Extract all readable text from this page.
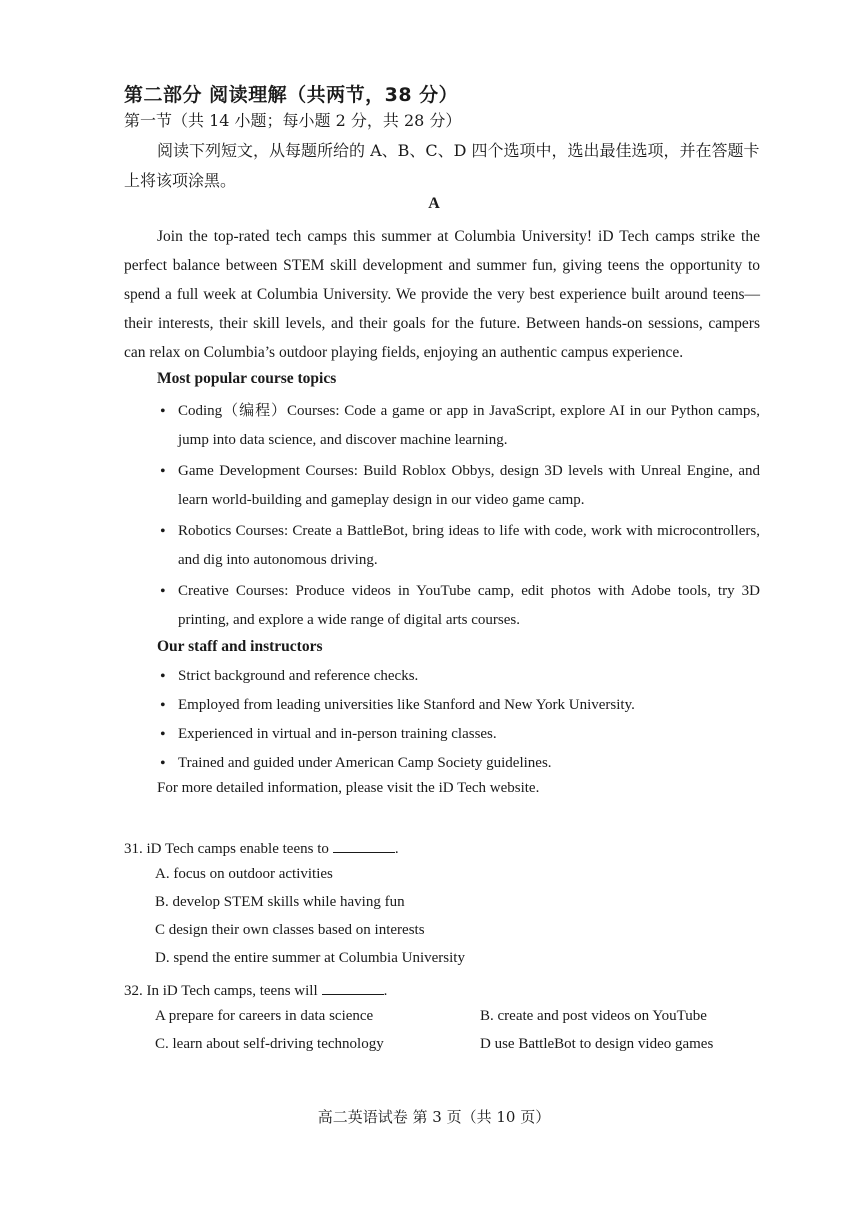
第二部分 阅读理解（共两节，38 分）
第一节（共 14 小题；每小题 2 分，共 28 分）
阅读下列短文，从每题所给的 A、B、C、D 四个选项中，选出最佳选项，并在答题卡上将该项涂黑。
A
Join the top-rated tech camps this summer at Columbia University! iD Tech camps strike the perfect balance between STEM skill development and summer fun, giving teens the opportunity to spend a full week at Columbia University. We provide the very best experience built around teens—their interests, their skill levels, and their goals for the future. Between hands-on sessions, campers can relax on Columbia’s outdoor playing fields, enjoying an authentic campus experience.
Most popular course topics
• Coding（编程）Courses: Code a game or app in JavaScript, explore AI in our Python camps, jump into data science, and discover machine learning.
• Game Development Courses: Build Roblox Obbys, design 3D levels with Unreal Engine, and learn world-building and gameplay design in our video game camp.
• Robotics Courses: Create a BattleBot, bring ideas to life with code, work with microcontrollers, and dig into autonomous driving.
• Creative Courses: Produce videos in YouTube camp, edit photos with Adobe tools, try 3D printing, and explore a wide range of digital arts courses.
Our staff and instructors
• Strict background and reference checks.
• Employed from leading universities like Stanford and New York University.
• Experienced in virtual and in-person training classes.
• Trained and guided under American Camp Society guidelines.
For more detailed information, please visit the iD Tech website.
31. iD Tech camps enable teens to	.
A. focus on outdoor activities
B. develop STEM skills while having fun
C design their own classes based on interests
D. spend the entire summer at Columbia University
32. In iD Tech camps, teens will	.
A prepare for careers in data science	B. create and post videos on YouTube
C. learn about self-driving technology	D use BattleBot to design video games
高二英语试卷 第 3 页（共 10 页）
